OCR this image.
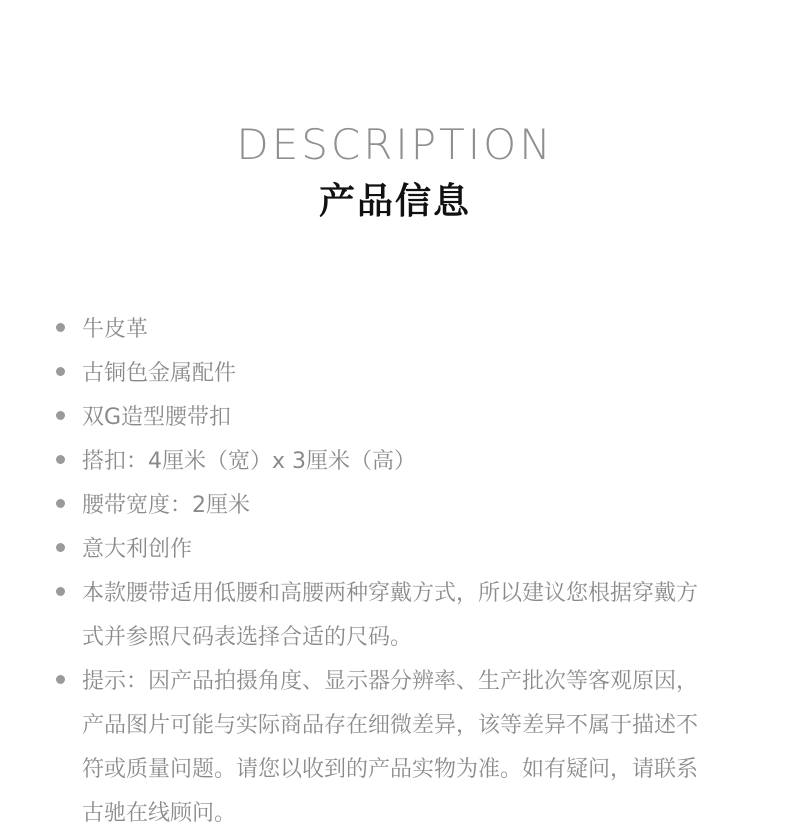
DESCRIPTION
产品信息
牛皮革
古铜色金属配件
双G造型腰带扣
搭扣：4厘米（宽）x 3厘米（高）
腰带宽度：2厘米
意大利创作
本款腰带适用低腰和高腰两种穿戴方式，所以建议您根据穿戴方式并参照尺码表选择合适的尺码。
提示：因产品拍摄角度、显示器分辨率、生产批次等客观原因，产品图片可能与实际商品存在细微差异，该等差异不属于描述不符或质量问题。请您以收到的产品实物为准。如有疑问，请联系古驰在线顾问。
